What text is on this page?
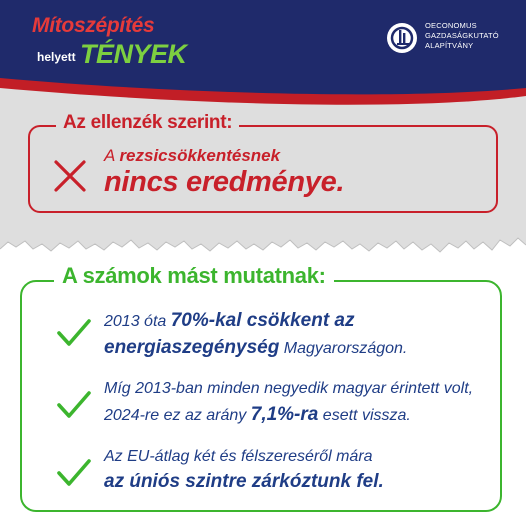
Mítoszépítés
helyett TÉNYEK
OECONOMUS
GAZDASÁGKUTATÓ
ALAPÍTVÁNY
Az ellenzék szerint:
A rezsicsökkentésnek
nincs eredménye.
A számok mást mutatnak:
2013 óta 70%-kal csökkent az
energiaszegénység Magyarországon.
Míg 2013-ban minden negyedik magyar érintett volt,
2024-re ez az arány 7,1%-ra esett vissza.
Az EU-átlag két és félszereséről mára
az úniós szintre zárkóztunk fel.
